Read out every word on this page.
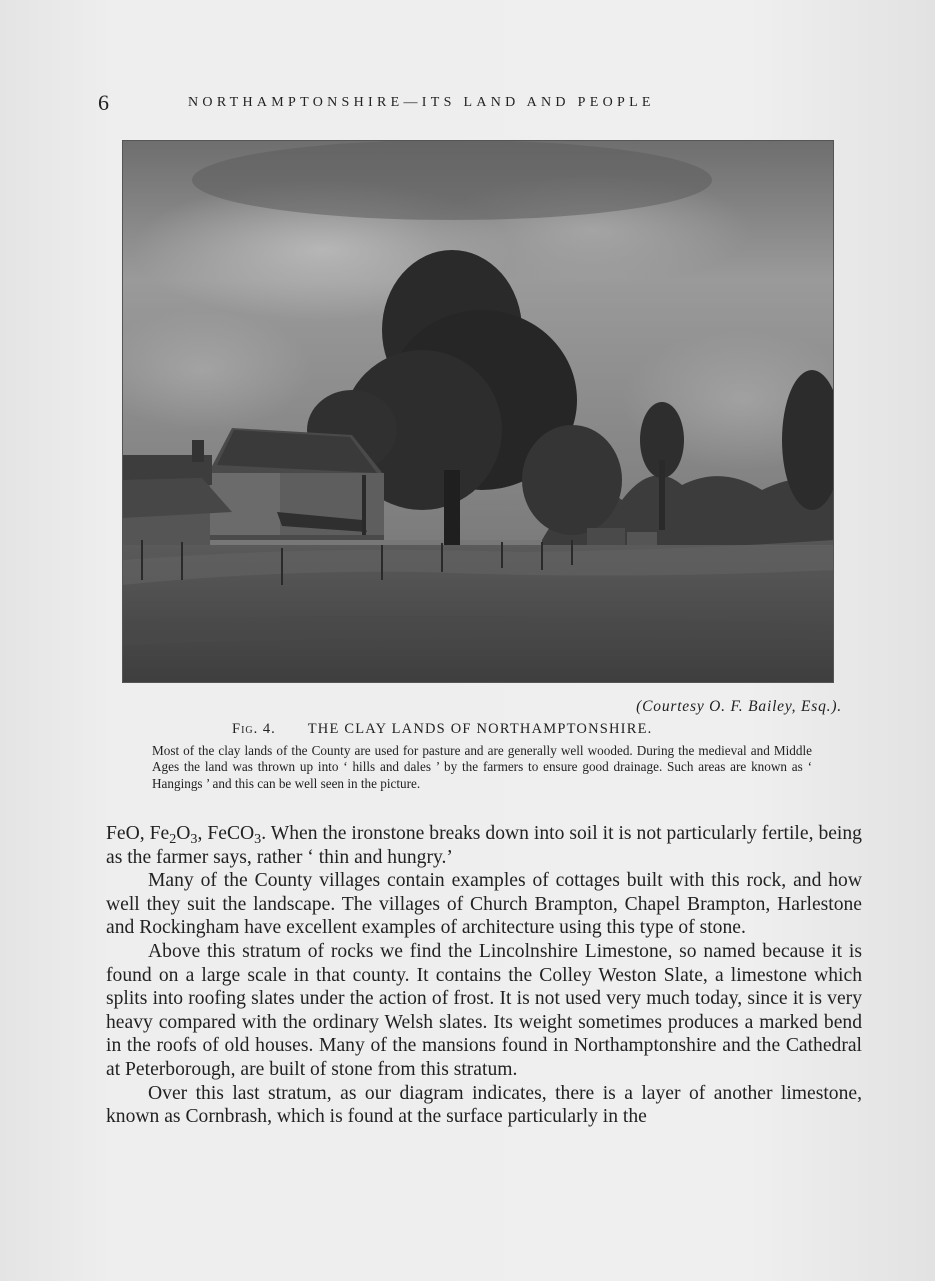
6	NORTHAMPTONSHIRE—ITS LAND AND PEOPLE
(Courtesy O. F. Bailey, Esq.).
Fig. 4. THE CLAY LANDS OF NORTHAMPTONSHIRE.
Most of the clay lands of the County are used for pasture and are generally well wooded. During the medieval and Middle Ages the land was thrown up into ‘ hills and dales ’ by the farmers to ensure good drainage. Such areas are known as ‘ Hangings ’ and this can be well seen in the picture.

FeO, $Fe_2O_3$, FeCO$_3$. When the ironstone breaks down into soil it is not particularly fertile, being as the farmer says, rather ‘ thin and hungry.’

Many of the County villages contain examples of cottages built with this rock, and how well they suit the landscape. The villages of Church Brampton, Chapel Brampton, Harlestone and Rockingham have excellent examples of architecture using this type of stone.

Above this stratum of rocks we find the Lincolnshire Limestone, so named because it is found on a large scale in that county. It contains the Colley Weston Slate, a limestone which splits into roofing slates under the action of frost. It is not used very much today, since it is very heavy compared with the ordinary Welsh slates. Its weight sometimes produces a marked bend in the roofs of old houses. Many of the mansions found in Northamptonshire and the Cathedral at Peterborough, are built of stone from this stratum.

Over this last stratum, as our diagram indicates, there is a layer of another limestone, known as Cornbrash, which is found at the surface particularly in the
